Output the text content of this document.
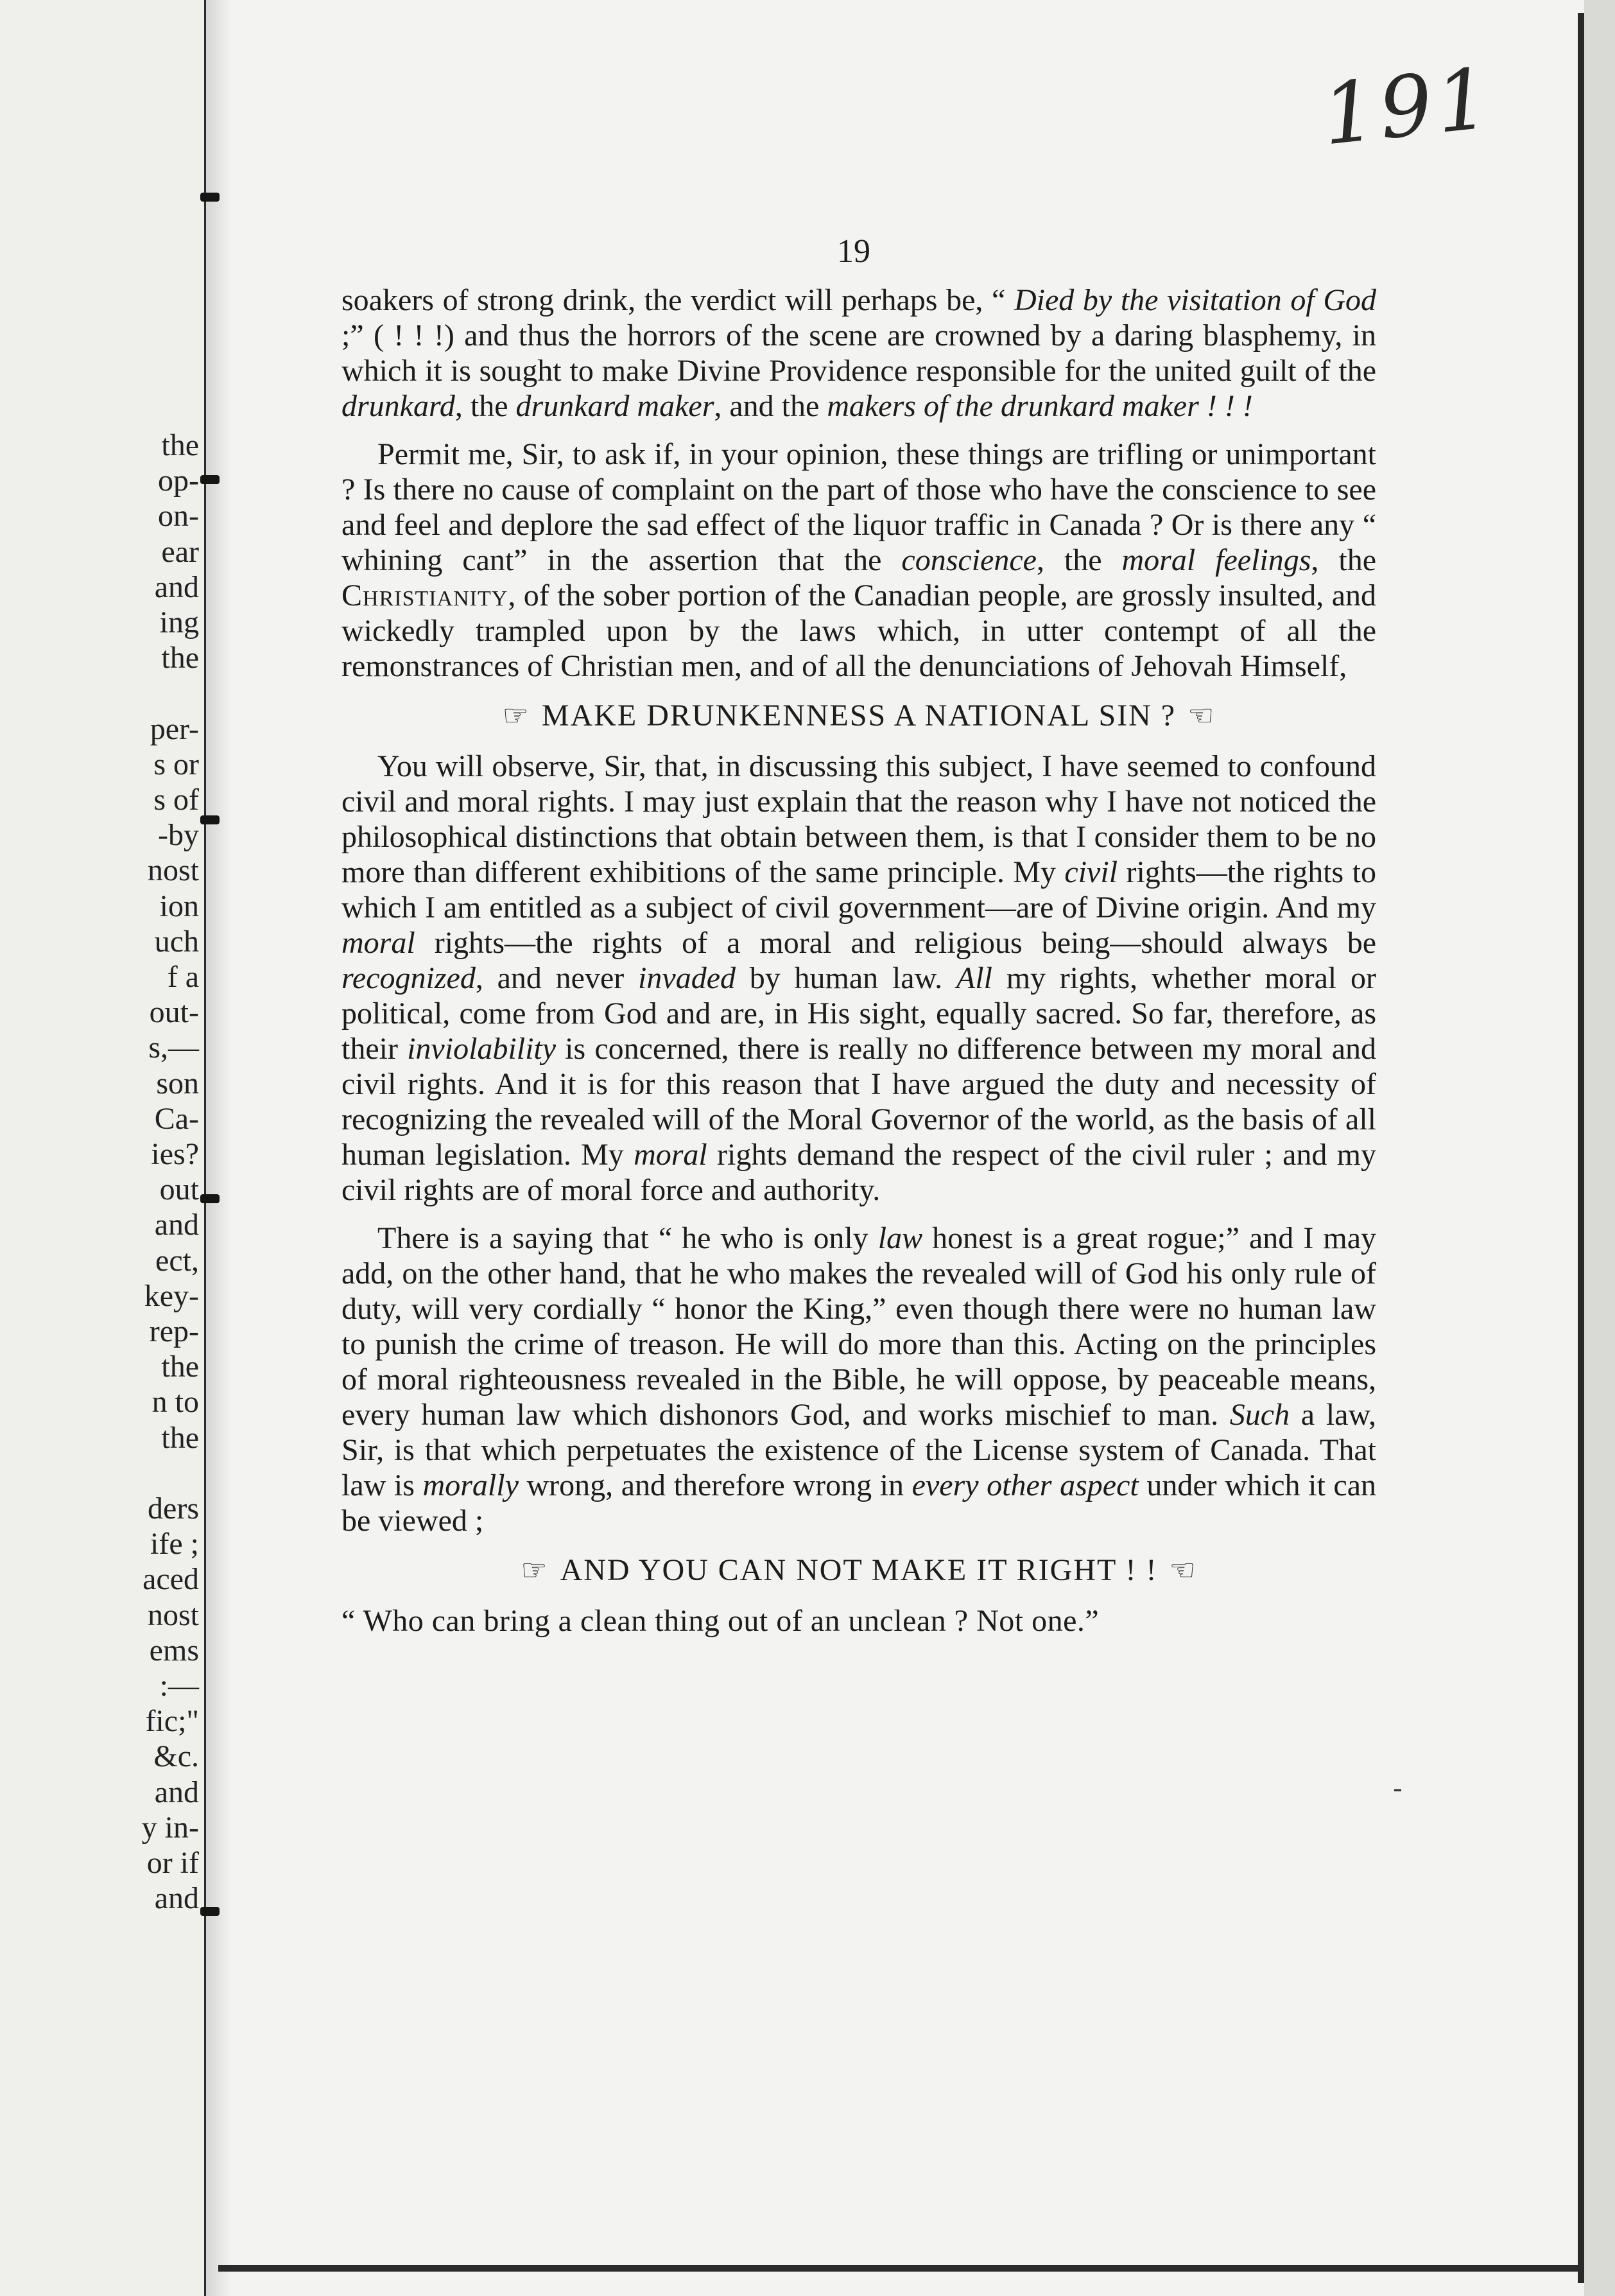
the
op-
on-
ear
and
ing
the
per-
s or
s of
-by
nost
ion
uch
f a
out-
s,—
son
Ca-
ies?
out
and
ect,
key-
rep-
the
n to
the
ders
ife ;
aced
nost
ems
:—
fic;"
&c.
and
y in-
or if
and
191
19

soakers of strong drink, the verdict will perhaps be, “ Died by the visitation of God ;” ( ! ! !) and thus the horrors of the scene are crowned by a daring blasphemy, in which it is sought to make Divine Providence responsible for the united guilt of the drunkard, the drunkard maker, and the makers of the drunkard maker ! ! !

Permit me, Sir, to ask if, in your opinion, these things are trifling or unimportant ? Is there no cause of complaint on the part of those who have the conscience to see and feel and deplore the sad effect of the liquor traffic in Canada ? Or is there any “ whining cant” in the assertion that the conscience, the moral feelings, the Christianity, of the sober portion of the Canadian people, are grossly insulted, and wickedly trampled upon by the laws which, in utter contempt of all the remonstrances of Christian men, and of all the denunciations of Jehovah Himself,

☞ MAKE DRUNKENNESS A NATIONAL SIN ? ☜

You will observe, Sir, that, in discussing this subject, I have seemed to confound civil and moral rights. I may just explain that the reason why I have not noticed the philosophical distinctions that obtain between them, is that I consider them to be no more than different exhibitions of the same principle. My civil rights—the rights to which I am entitled as a subject of civil government—are of Divine origin. And my moral rights—the rights of a moral and religious being—should always be recognized, and never invaded by human law. All my rights, whether moral or political, come from God and are, in His sight, equally sacred. So far, therefore, as their inviolability is concerned, there is really no difference between my moral and civil rights. And it is for this reason that I have argued the duty and necessity of recognizing the revealed will of the Moral Governor of the world, as the basis of all human legislation. My moral rights demand the respect of the civil ruler ; and my civil rights are of moral force and authority.

There is a saying that “ he who is only law honest is a great rogue;” and I may add, on the other hand, that he who makes the revealed will of God his only rule of duty, will very cordially “ honor the King,” even though there were no human law to punish the crime of treason. He will do more than this. Acting on the principles of moral righteousness revealed in the Bible, he will oppose, by peaceable means, every human law which dishonors God, and works mischief to man. Such a law, Sir, is that which perpetuates the existence of the License system of Canada. That law is morally wrong, and therefore wrong in every other aspect under which it can be viewed ;

☞ AND YOU CAN NOT MAKE IT RIGHT ! ! ☜
“ Who can bring a clean thing out of an unclean ? Not one.”
-
